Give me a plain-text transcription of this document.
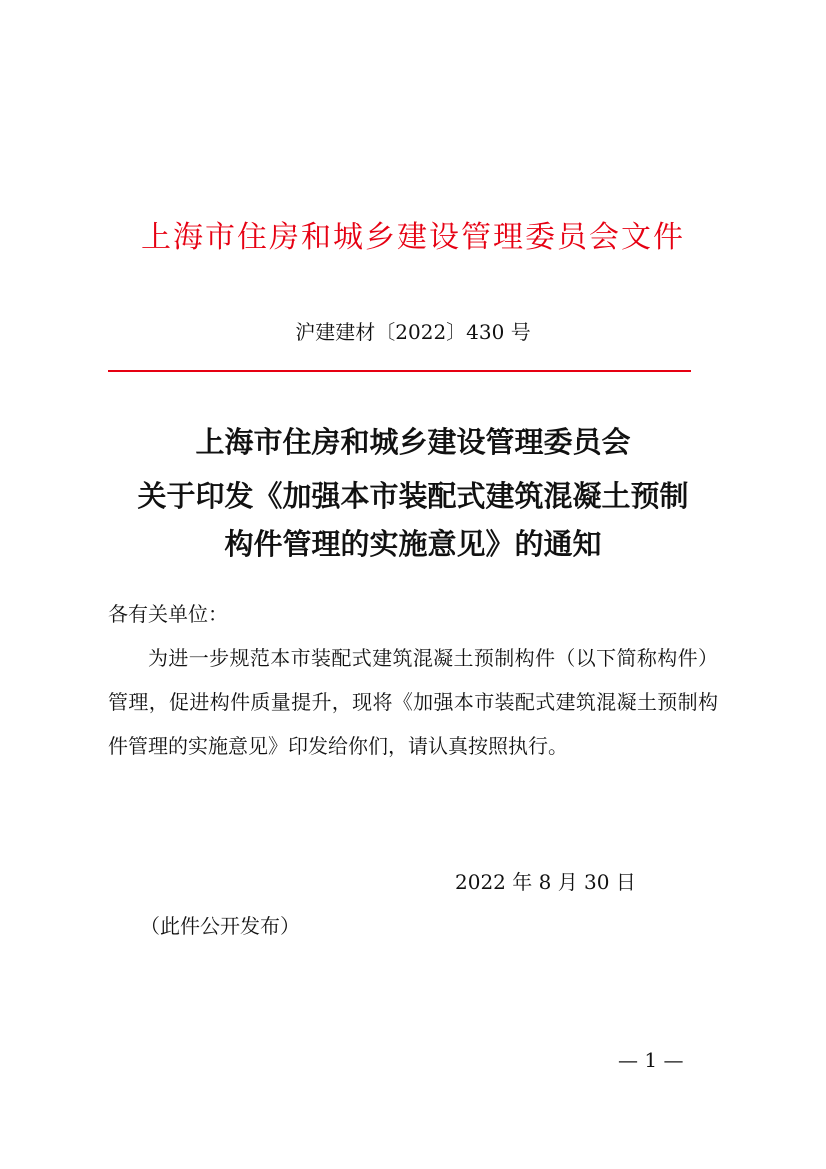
上海市住房和城乡建设管理委员会文件
沪建建材〔2022〕430 号
上海市住房和城乡建设管理委员会
关于印发《加强本市装配式建筑混凝土预制
构件管理的实施意见》的通知
各有关单位：

为进一步规范本市装配式建筑混凝土预制构件（以下简称构件）管理，促进构件质量提升，现将《加强本市装配式建筑混凝土预制构件管理的实施意见》印发给你们，请认真按照执行。

2022 年 8 月 30 日
（此件公开发布）
— 1 —
